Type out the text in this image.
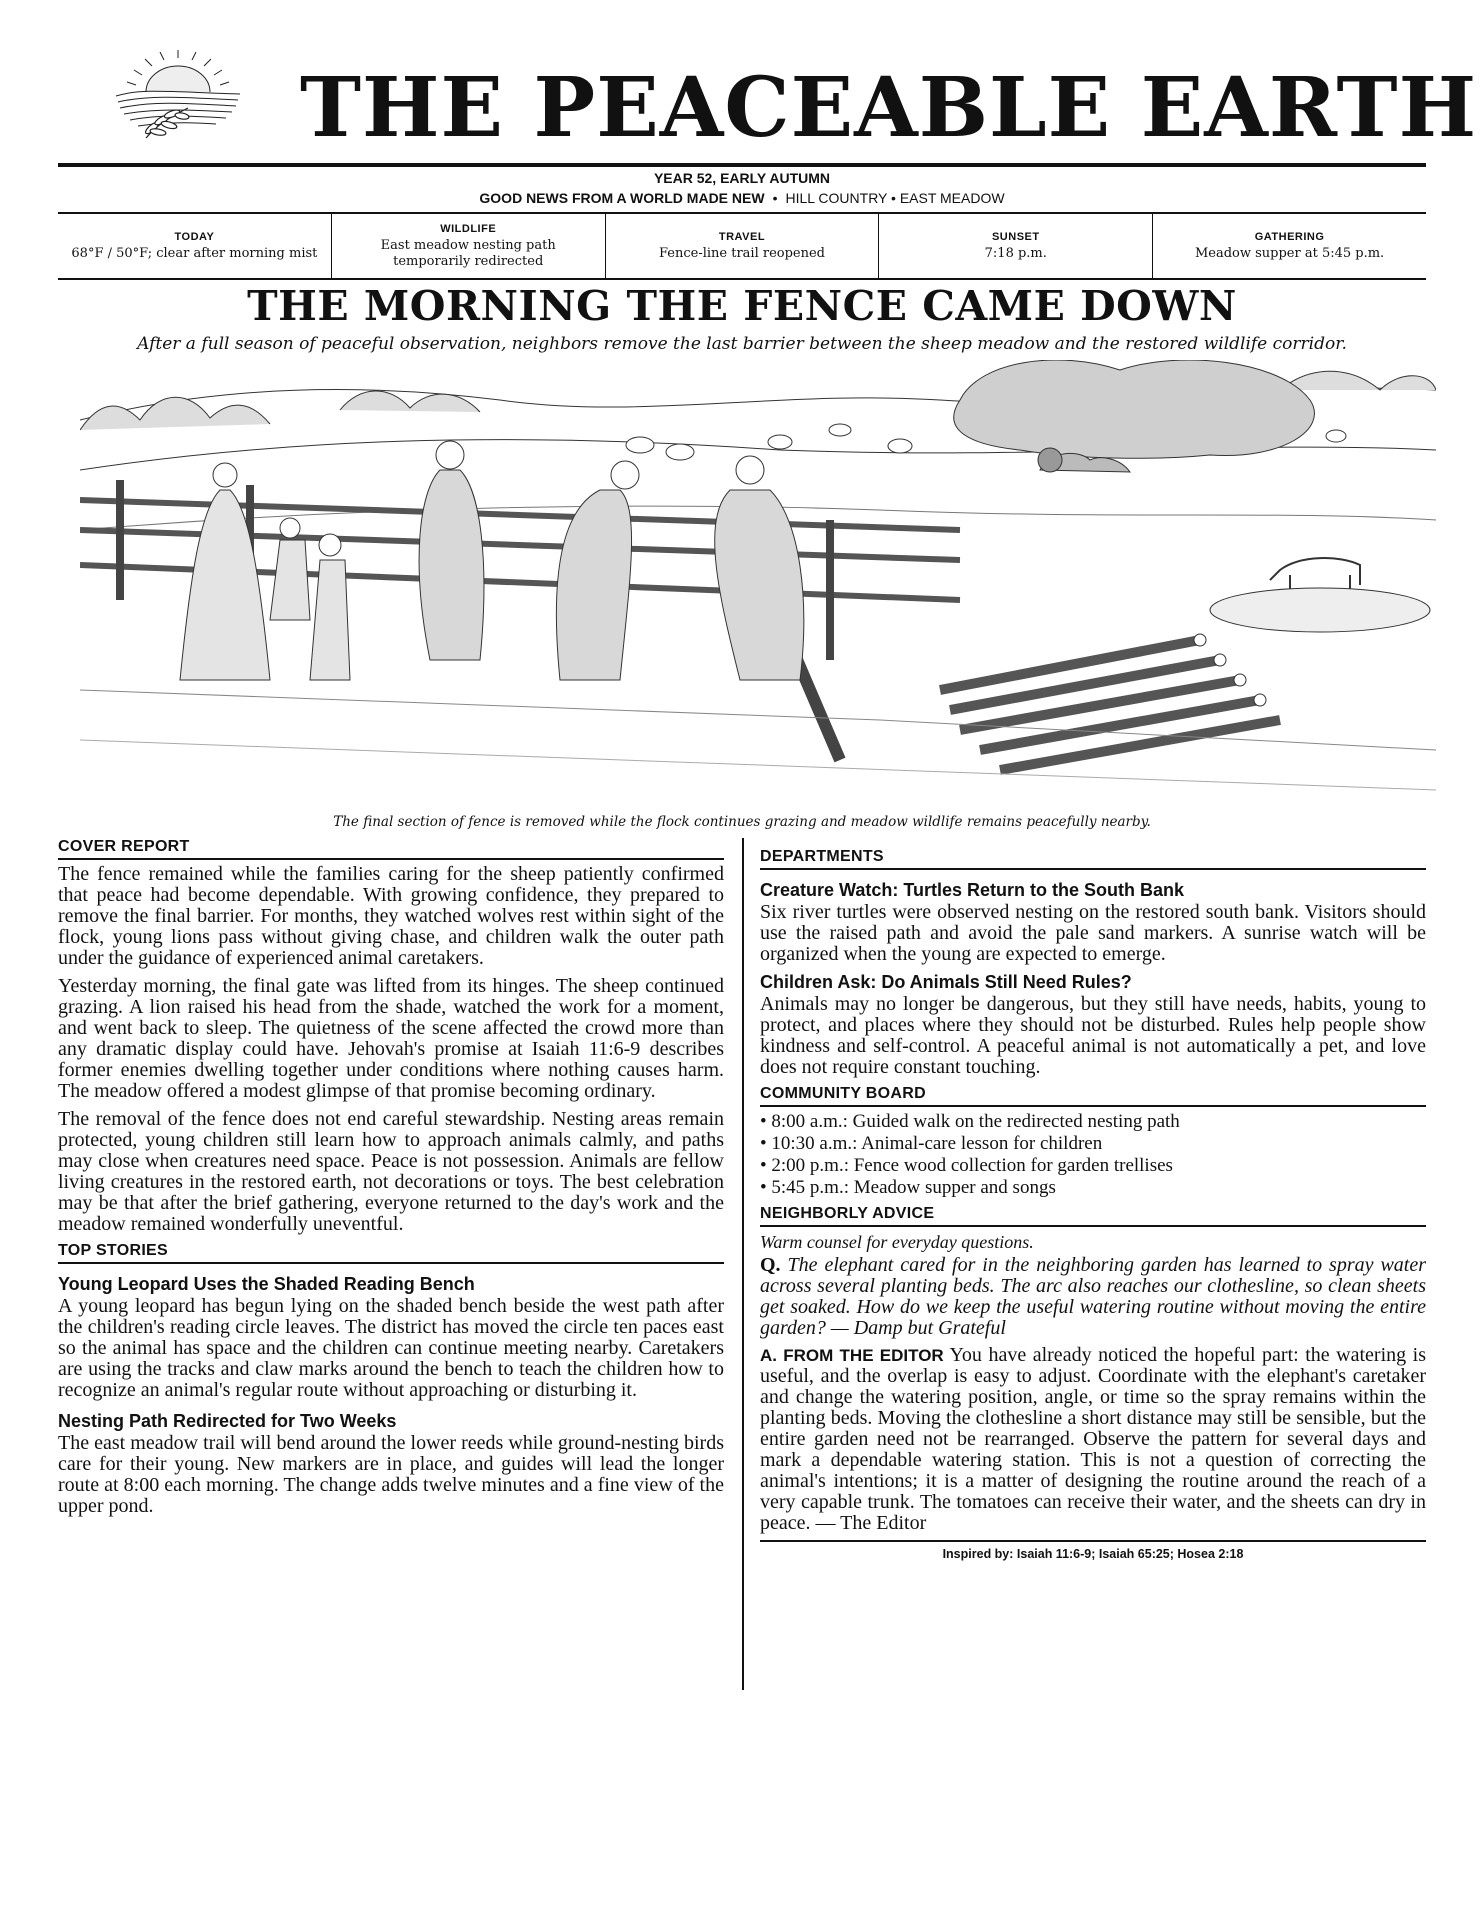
THE PEACEABLE EARTH
YEAR 52, EARLY AUTUMN
GOOD NEWS FROM A WORLD MADE NEW • HILL COUNTRY • EAST MEADOW
TODAY
68°F / 50°F; clear after morning mist
WILDLIFE
East meadow nesting path temporarily redirected
TRAVEL
Fence-line trail reopened
SUNSET
7:18 p.m.
GATHERING
Meadow supper at 5:45 p.m.
THE MORNING THE FENCE CAME DOWN
After a full season of peaceful observation, neighbors remove the last barrier between the sheep meadow and the restored wildlife corridor.
The final section of fence is removed while the flock continues grazing and meadow wildlife remains peacefully nearby.
COVER REPORT

The fence remained while the families caring for the sheep patiently confirmed that peace had become dependable. With growing confidence, they prepared to remove the final barrier. For months, they watched wolves rest within sight of the flock, young lions pass without giving chase, and children walk the outer path under the guidance of experienced animal caretakers.

Yesterday morning, the final gate was lifted from its hinges. The sheep continued grazing. A lion raised his head from the shade, watched the work for a moment, and went back to sleep. The quietness of the scene affected the crowd more than any dramatic display could have. Jehovah's promise at Isaiah 11:6-9 describes former enemies dwelling together under conditions where nothing causes harm. The meadow offered a modest glimpse of that promise becoming ordinary.

The removal of the fence does not end careful stewardship. Nesting areas remain protected, young children still learn how to approach animals calmly, and paths may close when creatures need space. Peace is not possession. Animals are fellow living creatures in the restored earth, not decorations or toys. The best celebration may be that after the brief gathering, everyone returned to the day's work and the meadow remained wonderfully uneventful.

TOP STORIES
Young Leopard Uses the Shaded Reading Bench

A young leopard has begun lying on the shaded bench beside the west path after the children's reading circle leaves. The district has moved the circle ten paces east so the animal has space and the children can continue meeting nearby. Caretakers are using the tracks and claw marks around the bench to teach the children how to recognize an animal's regular route without approaching or disturbing it.

Nesting Path Redirected for Two Weeks

The east meadow trail will bend around the lower reeds while ground-nesting birds care for their young. New markers are in place, and guides will lead the longer route at 8:00 each morning. The change adds twelve minutes and a fine view of the upper pond.

DEPARTMENTS
Creature Watch: Turtles Return to the South Bank

Six river turtles were observed nesting on the restored south bank. Visitors should use the raised path and avoid the pale sand markers. A sunrise watch will be organized when the young are expected to emerge.

Children Ask: Do Animals Still Need Rules?

Animals may no longer be dangerous, but they still have needs, habits, young to protect, and places where they should not be disturbed. Rules help people show kindness and self-control. A peaceful animal is not automatically a pet, and love does not require constant touching.

COMMUNITY BOARD
• 8:00 a.m.: Guided walk on the redirected nesting path
• 10:30 a.m.: Animal-care lesson for children
• 2:00 p.m.: Fence wood collection for garden trellises
• 5:45 p.m.: Meadow supper and songs
NEIGHBORLY ADVICE
Warm counsel for everyday questions.

Q. The elephant cared for in the neighboring garden has learned to spray water across several planting beds. The arc also reaches our clothesline, so clean sheets get soaked. How do we keep the useful watering routine without moving the entire garden? — Damp but Grateful

A. FROM THE EDITOR You have already noticed the hopeful part: the watering is useful, and the overlap is easy to adjust. Coordinate with the elephant's caretaker and change the watering position, angle, or time so the spray remains within the planting beds. Moving the clothesline a short distance may still be sensible, but the entire garden need not be rearranged. Observe the pattern for several days and mark a dependable watering station. This is not a question of correcting the animal's intentions; it is a matter of designing the routine around the reach of a very capable trunk. The tomatoes can receive their water, and the sheets can dry in peace. — The Editor

Inspired by: Isaiah 11:6-9; Isaiah 65:25; Hosea 2:18
